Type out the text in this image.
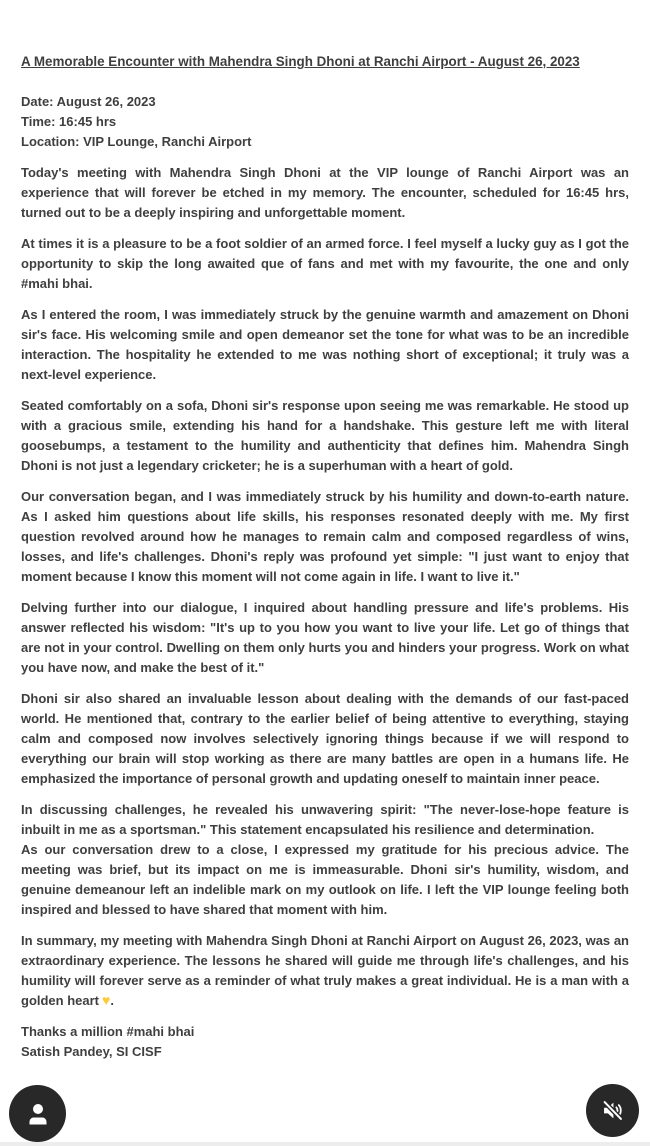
A Memorable Encounter with Mahendra Singh Dhoni at Ranchi Airport - August 26, 2023
Date: August 26, 2023
Time: 16:45 hrs
Location: VIP Lounge, Ranchi Airport

Today's meeting with Mahendra Singh Dhoni at the VIP lounge of Ranchi Airport was an experience that will forever be etched in my memory. The encounter, scheduled for 16:45 hrs, turned out to be a deeply inspiring and unforgettable moment.

At times it is a pleasure to be a foot soldier of an armed force. I feel myself a lucky guy as I got the opportunity to skip the long awaited que of fans and met with my favourite, the one and only #mahi bhai.

As I entered the room, I was immediately struck by the genuine warmth and amazement on Dhoni sir's face. His welcoming smile and open demeanor set the tone for what was to be an incredible interaction. The hospitality he extended to me was nothing short of exceptional; it truly was a next-level experience.

Seated comfortably on a sofa, Dhoni sir's response upon seeing me was remarkable. He stood up with a gracious smile, extending his hand for a handshake. This gesture left me with literal goosebumps, a testament to the humility and authenticity that defines him. Mahendra Singh Dhoni is not just a legendary cricketer; he is a superhuman with a heart of gold.

Our conversation began, and I was immediately struck by his humility and down-to-earth nature. As I asked him questions about life skills, his responses resonated deeply with me. My first question revolved around how he manages to remain calm and composed regardless of wins, losses, and life's challenges. Dhoni's reply was profound yet simple: "I just want to enjoy that moment because I know this moment will not come again in life. I want to live it."

Delving further into our dialogue, I inquired about handling pressure and life's problems. His answer reflected his wisdom: "It's up to you how you want to live your life. Let go of things that are not in your control. Dwelling on them only hurts you and hinders your progress. Work on what you have now, and make the best of it."

Dhoni sir also shared an invaluable lesson about dealing with the demands of our fast-paced world. He mentioned that, contrary to the earlier belief of being attentive to everything, staying calm and composed now involves selectively ignoring things because if we will respond to everything our brain will stop working as there are many battles are open in a humans life. He emphasized the importance of personal growth and updating oneself to maintain inner peace.

In discussing challenges, he revealed his unwavering spirit: "The never-lose-hope feature is inbuilt in me as a sportsman." This statement encapsulated his resilience and determination.

As our conversation drew to a close, I expressed my gratitude for his precious advice. The meeting was brief, but its impact on me is immeasurable. Dhoni sir's humility, wisdom, and genuine demeanour left an indelible mark on my outlook on life. I left the VIP lounge feeling both inspired and blessed to have shared that moment with him.

In summary, my meeting with Mahendra Singh Dhoni at Ranchi Airport on August 26, 2023, was an extraordinary experience. The lessons he shared will guide me through life's challenges, and his humility will forever serve as a reminder of what truly makes a great individual. He is a man with a golden heart ♥.

Thanks a million #mahi bhai
Satish Pandey, SI CISF
